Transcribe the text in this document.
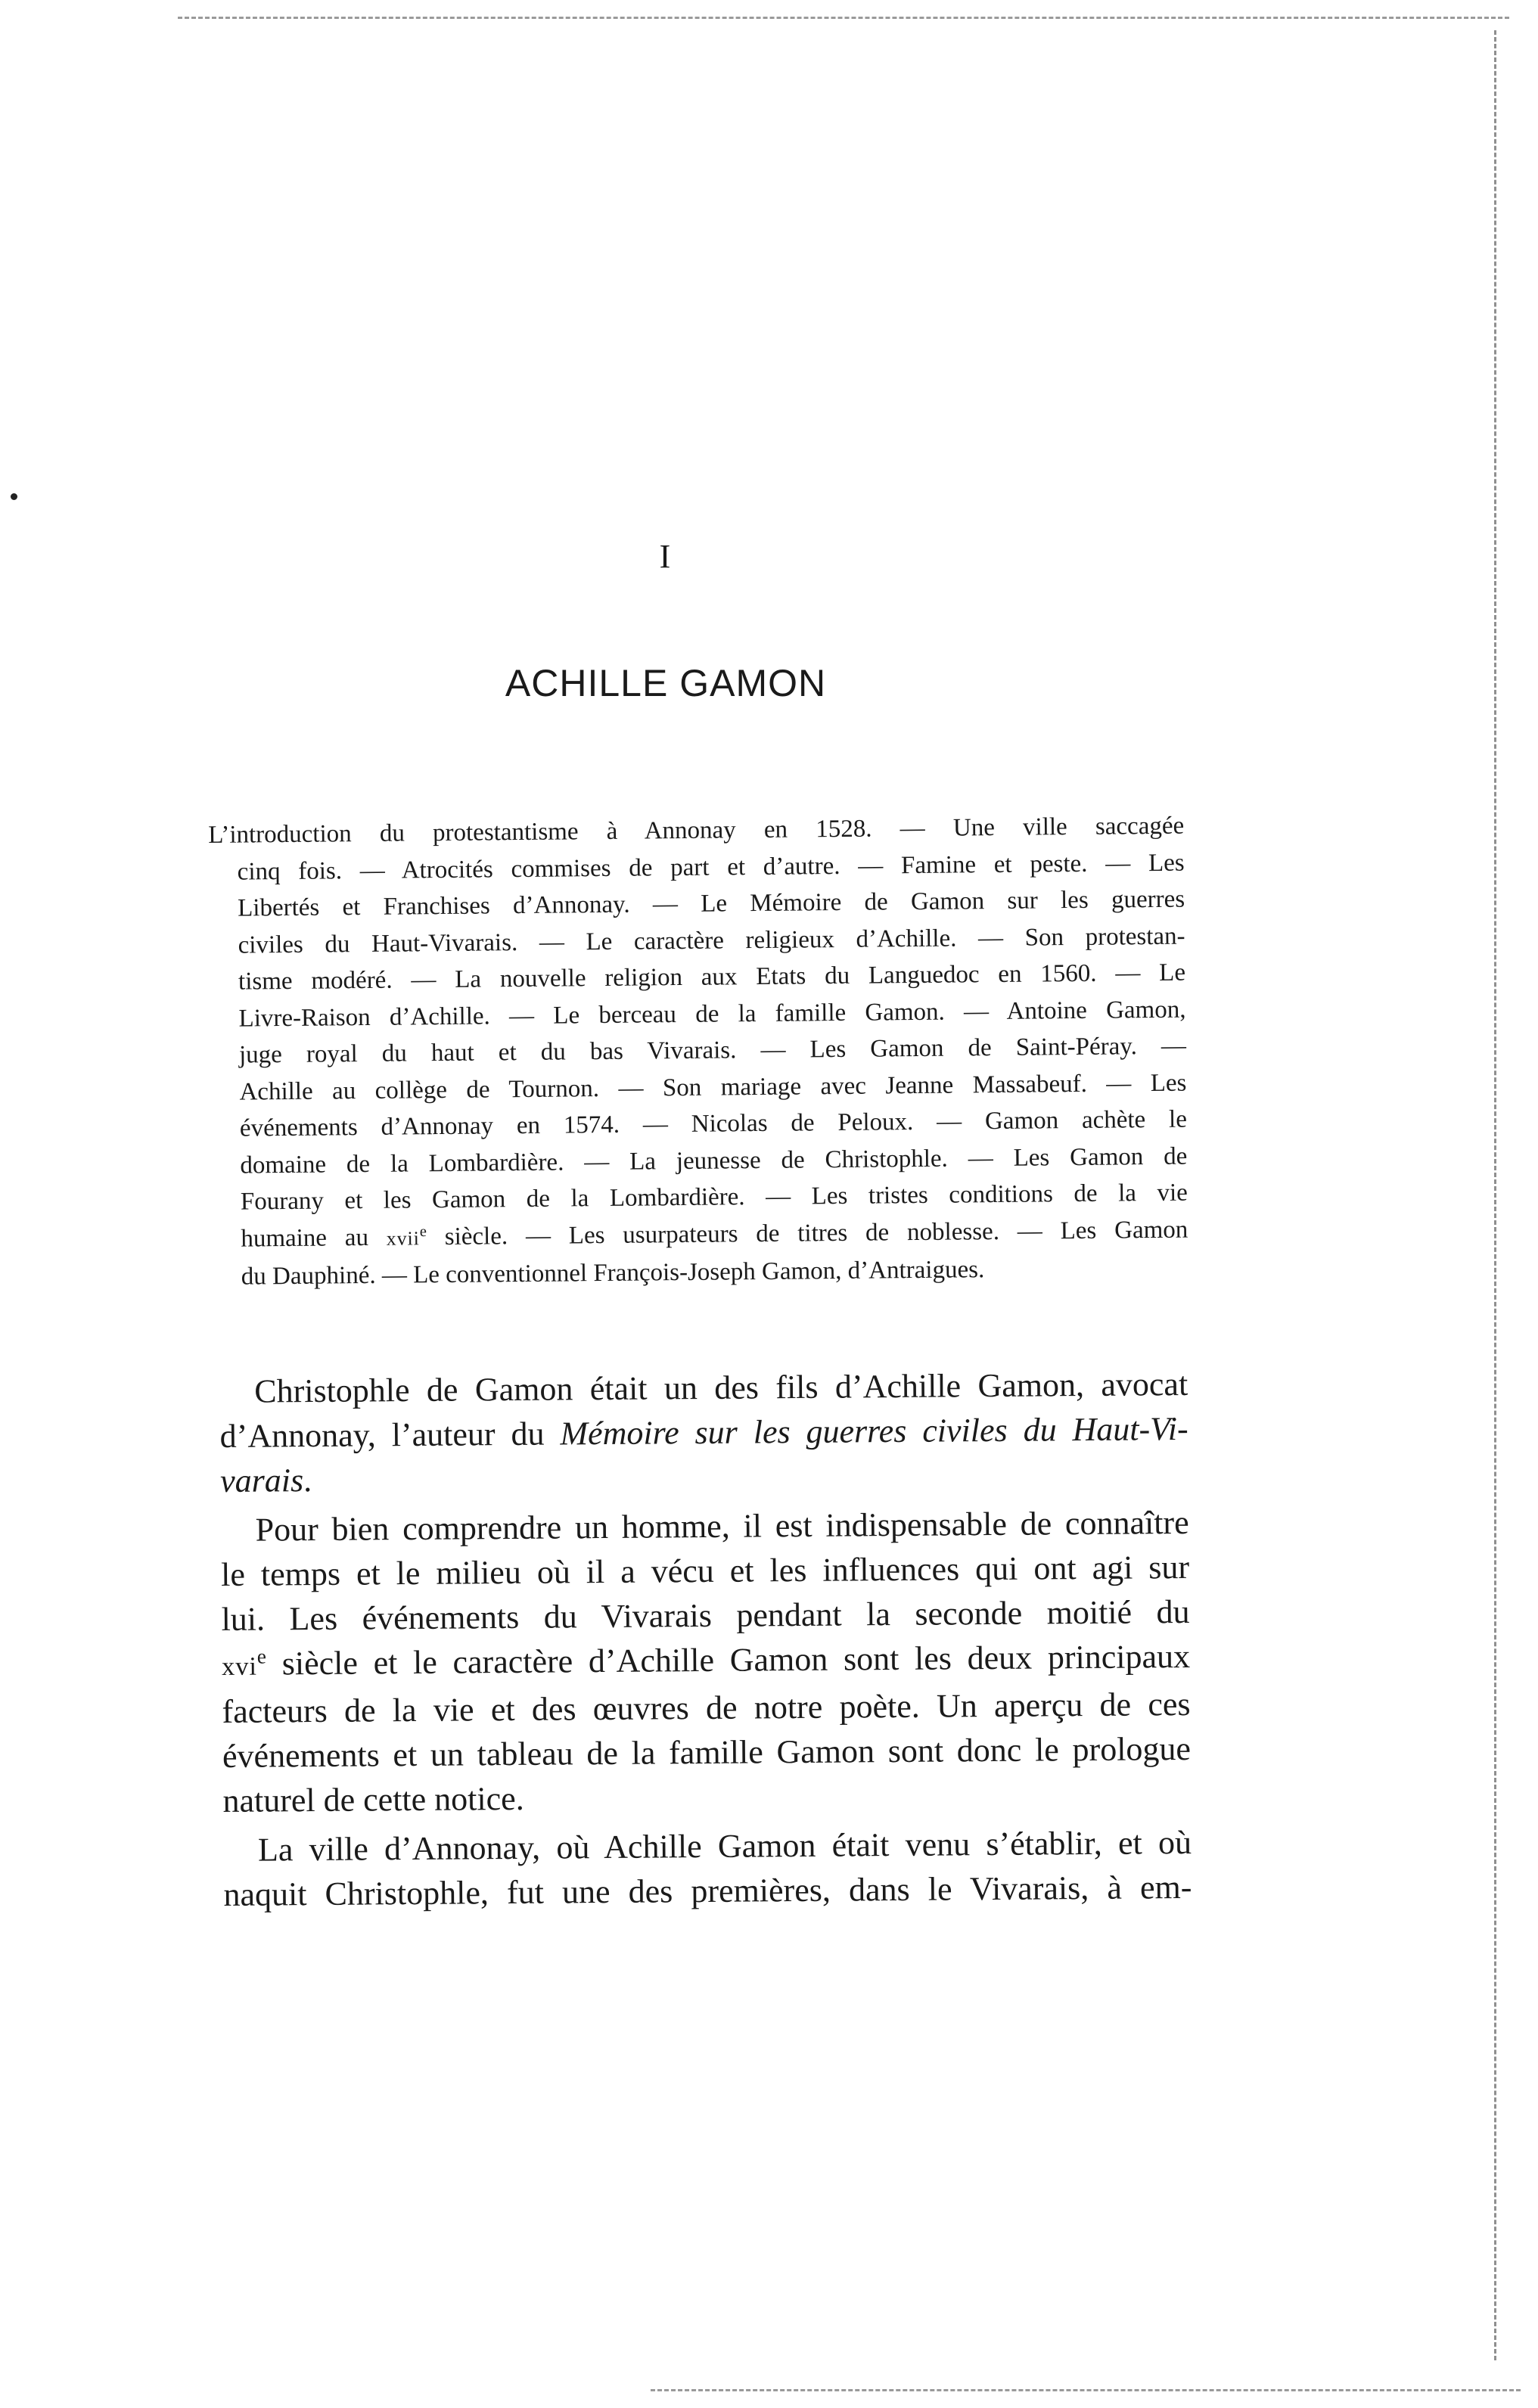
I
ACHILLE GAMON
L’introduction du protestantisme à Annonay en 1528. — Une ville saccagée
cinq fois. — Atrocités commises de part et d’autre. — Famine et peste. — Les
Libertés et Franchises d’Annonay. — Le Mémoire de Gamon sur les guerres
civiles du Haut-Vivarais. — Le caractère religieux d’Achille. — Son protestan-
tisme modéré. — La nouvelle religion aux Etats du Languedoc en 1560. — Le
Livre-Raison d’Achille. — Le berceau de la famille Gamon. — Antoine Gamon,
juge royal du haut et du bas Vivarais. — Les Gamon de Saint-Péray. —
Achille au collège de Tournon. — Son mariage avec Jeanne Massabeuf. — Les
événements d’Annonay en 1574. — Nicolas de Peloux. — Gamon achète le
domaine de la Lombardière. — La jeunesse de Christophle. — Les Gamon de
Fourany et les Gamon de la Lombardière. — Les tristes conditions de la vie
humaine au xvii$^e$ siècle. — Les usurpateurs de titres de noblesse. — Les Gamon
du Dauphiné. — Le conventionnel François-Joseph Gamon, d’Antraigues.

Christophle de Gamon était un des fils d’Achille Gamon, avocat
d’Annonay, l’auteur du Mémoire sur les guerres civiles du Haut-Vi-
varais.

Pour bien comprendre un homme, il est indispensable de connaître
le temps et le milieu où il a vécu et les influences qui ont agi sur
lui. Les événements du Vivarais pendant la seconde moitié du
xvi$^e$ siècle et le caractère d’Achille Gamon sont les deux principaux
facteurs de la vie et des œuvres de notre poète. Un aperçu de ces
événements et un tableau de la famille Gamon sont donc le prologue
naturel de cette notice.

La ville d’Annonay, où Achille Gamon était venu s’établir, et où
naquit Christophle, fut une des premières, dans le Vivarais, à em-
